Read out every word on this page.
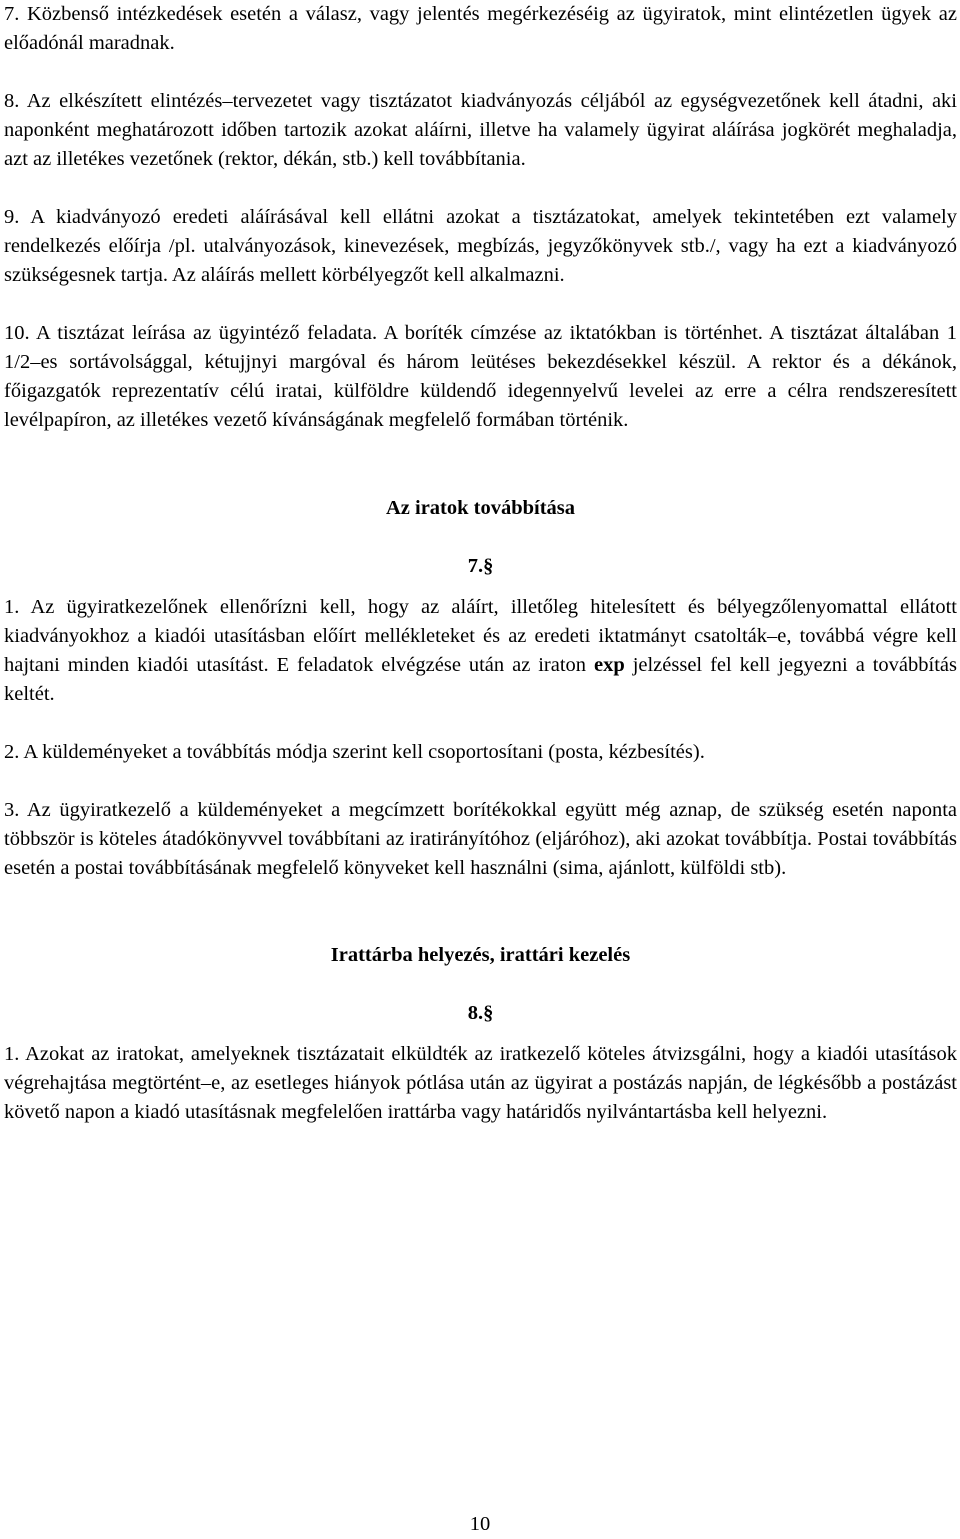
7. Közbenső intézkedések esetén a válasz, vagy jelentés megérkezéséig az ügyiratok, mint elintézetlen ügyek az előadónál maradnak.

8. Az elkészített elintézés–tervezetet vagy tisztázatot kiadványozás céljából az egységvezetőnek kell átadni, aki naponként meghatározott időben tartozik azokat aláírni, illetve ha valamely ügyirat aláírása jogkörét meghaladja, azt az illetékes vezetőnek (rektor, dékán, stb.) kell továbbítania.

9. A kiadványozó eredeti aláírásával kell ellátni azokat a tisztázatokat, amelyek tekintetében ezt valamely rendelkezés előírja /pl. utalványozások, kinevezések, megbízás, jegyzőkönyvek stb./, vagy ha ezt a kiadványozó szükségesnek tartja. Az aláírás mellett körbélyegzőt kell alkalmazni.

10. A tisztázat leírása az ügyintéző feladata. A boríték címzése az iktatókban is történhet. A tisztázat általában 1 1/2–es sortávolsággal, kétujjnyi margóval és három leütéses bekezdésekkel készül. A rektor és a dékánok, főigazgatók reprezentatív célú iratai, külföldre küldendő idegennyelvű levelei az erre a célra rendszeresített levélpapíron, az illetékes vezető kívánságának megfelelő formában történik.

Az iratok továbbítása

7.§

1. Az ügyiratkezelőnek ellenőrízni kell, hogy az aláírt, illetőleg hitelesített és bélyegzőlenyomattal ellátott kiadványokhoz a kiadói utasításban előírt mellékleteket és az eredeti iktatmányt csatolták–e, továbbá végre kell hajtani minden kiadói utasítást. E feladatok elvégzése után az iraton exp jelzéssel fel kell jegyezni a továbbítás keltét.

2. A küldeményeket a továbbítás módja szerint kell csoportosítani (posta, kézbesítés).

3. Az ügyiratkezelő a küldeményeket a megcímzett borítékokkal együtt még aznap, de szükség esetén naponta többször is köteles átadókönyvvel továbbítani az iratirányítóhoz (eljáróhoz), aki azokat továbbítja. Postai továbbítás esetén a postai továbbításának megfelelő könyveket kell használni (sima, ajánlott, külföldi stb).

Irattárba helyezés, irattári kezelés

8.§

1. Azokat az iratokat, amelyeknek tisztázatait elküldték az iratkezelő köteles átvizsgálni, hogy a kiadói utasítások végrehajtása megtörtént–e, az esetleges hiányok pótlása után az ügyirat a postázás napján, de légkésőbb a postázást követő napon a kiadó utasításnak megfelelően irattárba vagy határidős nyilvántartásba kell helyezni.

10
